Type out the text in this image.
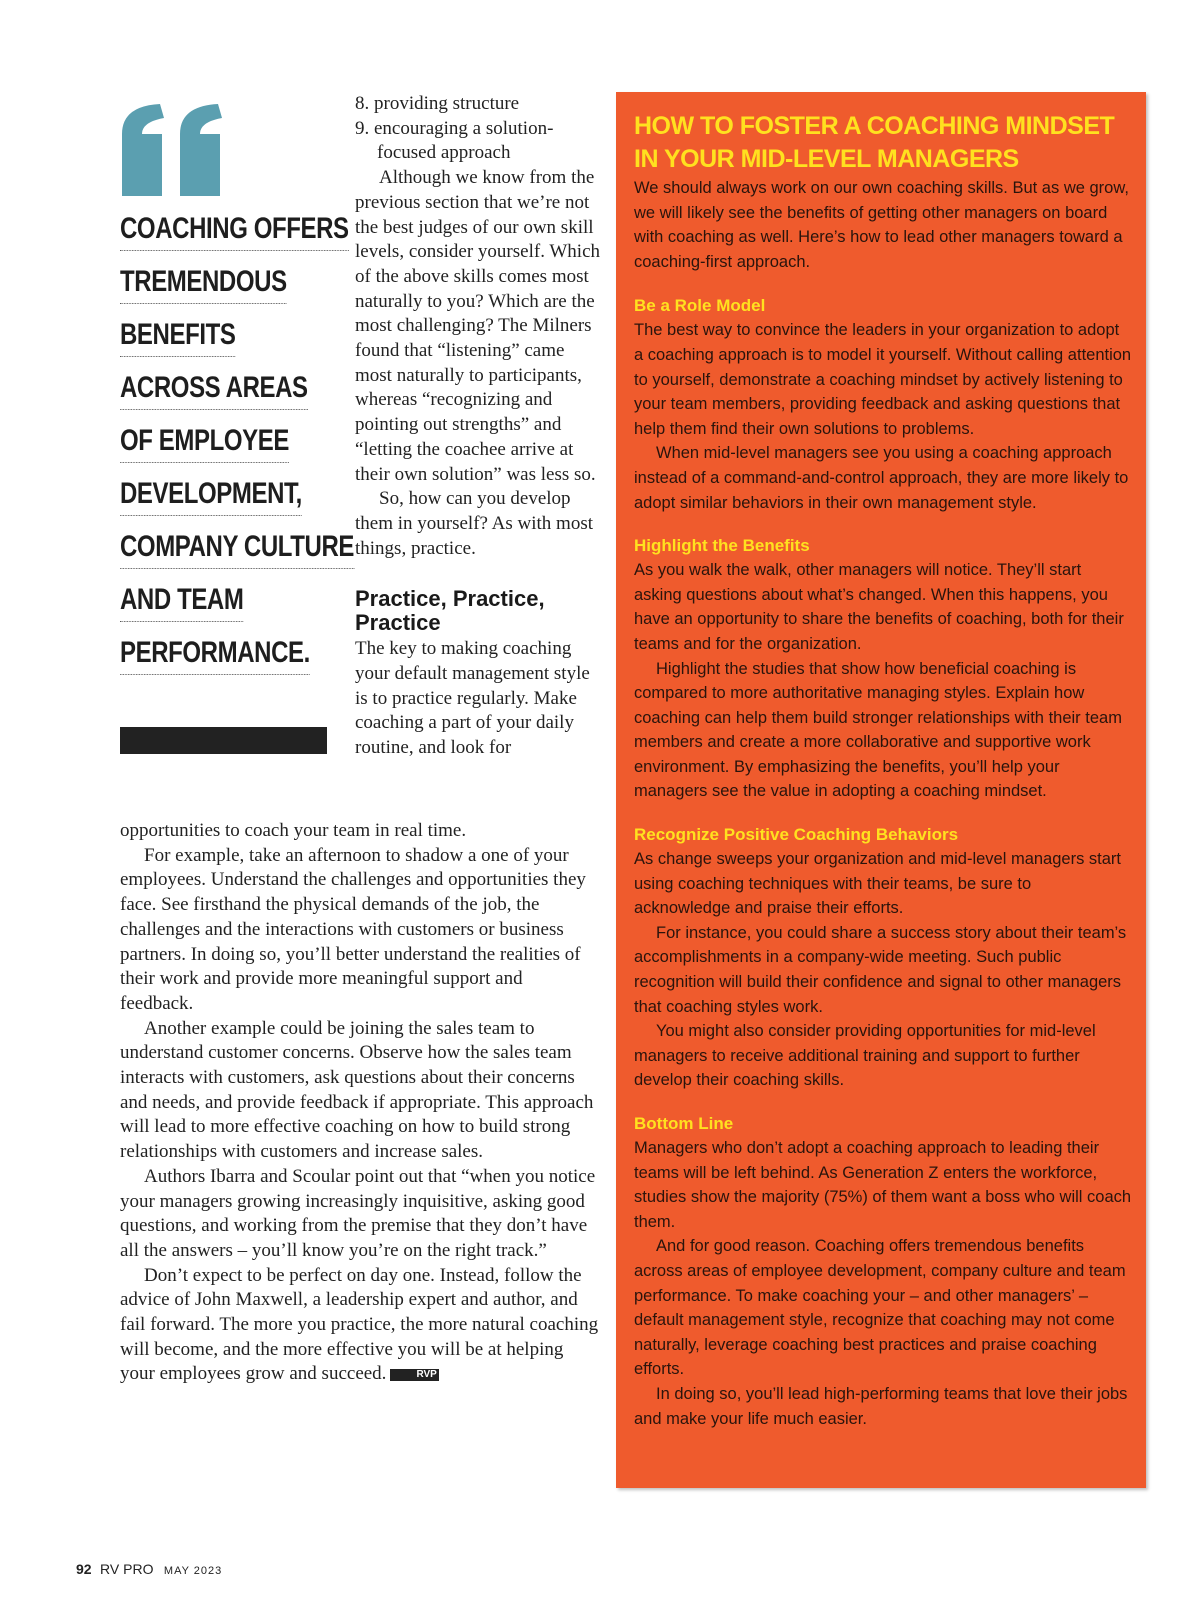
COACHING OFFERS
TREMENDOUS
BENEFITS
ACROSS AREAS
OF EMPLOYEE
DEVELOPMENT,
COMPANY CULTURE
AND TEAM
PERFORMANCE.

8. providing structure

9. encouraging a solution-focused approach

Although we know from the previous section that we’re not the best judges of our own skill levels, consider yourself. Which of the above skills comes most naturally to you? Which are the most challenging? The Milners found that “listening” came most naturally to participants, whereas “recognizing and pointing out strengths” and “letting the coachee arrive at their own solution” was less so.

So, how can you develop them in yourself? As with most things, practice.

Practice, Practice, Practice

The key to making coaching your default management style is to practice regularly. Make coaching a part of your daily routine, and look for

opportunities to coach your team in real time.

For example, take an afternoon to shadow a one of your employees. Understand the challenges and opportunities they face. See firsthand the physical demands of the job, the challenges and the interactions with customers or business partners. In doing so, you’ll better understand the realities of their work and provide more meaningful support and feedback.

Another example could be joining the sales team to understand customer concerns. Observe how the sales team interacts with customers, ask questions about their concerns and needs, and provide feedback if appropriate. This approach will lead to more effective coaching on how to build strong relationships with customers and increase sales.

Authors Ibarra and Scoular point out that “when you notice your managers growing increasingly inquisitive, asking good questions, and working from the premise that they don’t have all the answers – you’ll know you’re on the right track.”

Don’t expect to be perfect on day one. Instead, follow the advice of John Maxwell, a leadership expert and author, and fail forward. The more you practice, the more natural coaching will become, and the more effective you will be at helping your employees grow and succeed.	RVP

HOW TO FOSTER A COACHING MINDSET
IN YOUR MID-LEVEL MANAGERS

We should always work on our own coaching skills. But as we grow, we will likely see the benefits of getting other managers on board with coaching as well. Here’s how to lead other managers toward a coaching-first approach.

Be a Role Model

The best way to convince the leaders in your organization to adopt a coaching approach is to model it yourself. Without calling attention to yourself, demonstrate a coaching mindset by actively listening to your team members, providing feedback and asking questions that help them find their own solutions to problems.

When mid-level managers see you using a coaching approach instead of a command-and-control approach, they are more likely to adopt similar behaviors in their own management style.

Highlight the Benefits

As you walk the walk, other managers will notice. They’ll start asking questions about what’s changed. When this happens, you have an opportunity to share the benefits of coaching, both for their teams and for the organization.

Highlight the studies that show how beneficial coaching is compared to more authoritative managing styles. Explain how coaching can help them build stronger relationships with their team members and create a more collaborative and supportive work environment. By emphasizing the benefits, you’ll help your managers see the value in adopting a coaching mindset.

Recognize Positive Coaching Behaviors

As change sweeps your organization and mid-level managers start using coaching techniques with their teams, be sure to acknowledge and praise their efforts.

For instance, you could share a success story about their team’s accomplishments in a company-wide meeting. Such public recognition will build their confidence and signal to other managers that coaching styles work.

You might also consider providing opportunities for mid-level managers to receive additional training and support to further develop their coaching skills.

Bottom Line

Managers who don’t adopt a coaching approach to leading their teams will be left behind. As Generation Z enters the workforce, studies show the majority (75%) of them want a boss who will coach them.

And for good reason. Coaching offers tremendous benefits across areas of employee development, company culture and team performance. To make coaching your – and other managers’ – default management style, recognize that coaching may not come naturally, leverage coaching best practices and praise coaching efforts.

In doing so, you’ll lead high-performing teams that love their jobs and make your life much easier.

92 RV PRO MAY 2023
